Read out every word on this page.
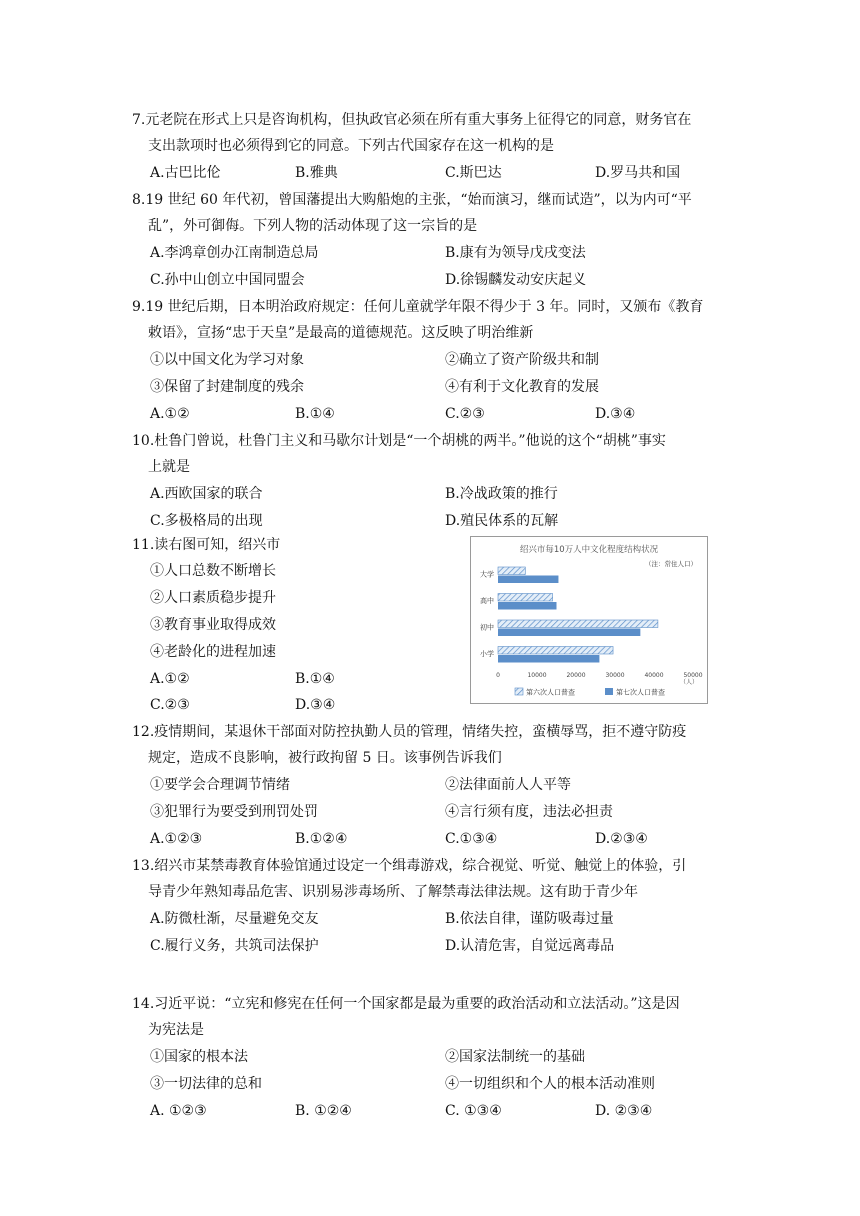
7.元老院在形式上只是咨询机构，但执政官必须在所有重大事务上征得它的同意，财务官在
支出款项时也必须得到它的同意。下列古代国家存在这一机构的是
A.古巴比伦	B.雅典	C.斯巴达	D.罗马共和国
8.19 世纪 60 年代初，曾国藩提出大购船炮的主张，“始而演习，继而试造”，以为内可“平
乱”，外可御侮。下列人物的活动体现了这一宗旨的是
A.李鸿章创办江南制造总局	B.康有为领导戊戌变法
C.孙中山创立中国同盟会	D.徐锡麟发动安庆起义
9.19 世纪后期，日本明治政府规定：任何儿童就学年限不得少于 3 年。同时，又颁布《教育
敕语》，宣扬“忠于天皇”是最高的道德规范。这反映了明治维新
①以中国文化为学习对象	②确立了资产阶级共和制
③保留了封建制度的残余	④有利于文化教育的发展
A.①②	B.①④	C.②③	D.③④
10.杜鲁门曾说，杜鲁门主义和马歇尔计划是“一个胡桃的两半。”他说的这个“胡桃”事实
上就是
A.西欧国家的联合	B.冷战政策的推行
C.多极格局的出现	D.殖民体系的瓦解
11.读右图可知，绍兴市
①人口总数不断增长
②人口素质稳步提升
③教育事业取得成效
④老龄化的进程加速
A.①②	B.①④
C.②③	D.③④
绍兴市每10万人中文化程度结构状况
（注：常住人口）
大学
高中
初中
小学
0	10000	20000	30000	40000	50000
（人）
第六次人口普查	第七次人口普查
12.疫情期间，某退休干部面对防控执勤人员的管理，情绪失控，蛮横辱骂，拒不遵守防疫
规定，造成不良影响，被行政拘留 5 日。该事例告诉我们
①要学会合理调节情绪	②法律面前人人平等
③犯罪行为要受到刑罚处罚	④言行须有度，违法必担责
A.①②③	B.①②④	C.①③④	D.②③④
13.绍兴市某禁毒教育体验馆通过设定一个缉毒游戏，综合视觉、听觉、触觉上的体验，引
导青少年熟知毒品危害、识别易涉毒场所、了解禁毒法律法规。这有助于青少年
A.防微杜渐，尽量避免交友	B.依法自律，谨防吸毒过量
C.履行义务，共筑司法保护	D.认清危害，自觉远离毒品
14.习近平说：“立宪和修宪在任何一个国家都是最为重要的政治活动和立法活动。”这是因
为宪法是
①国家的根本法	②国家法制统一的基础
③一切法律的总和	④一切组织和个人的根本活动准则
A. ①②③	B. ①②④	C. ①③④	D. ②③④
